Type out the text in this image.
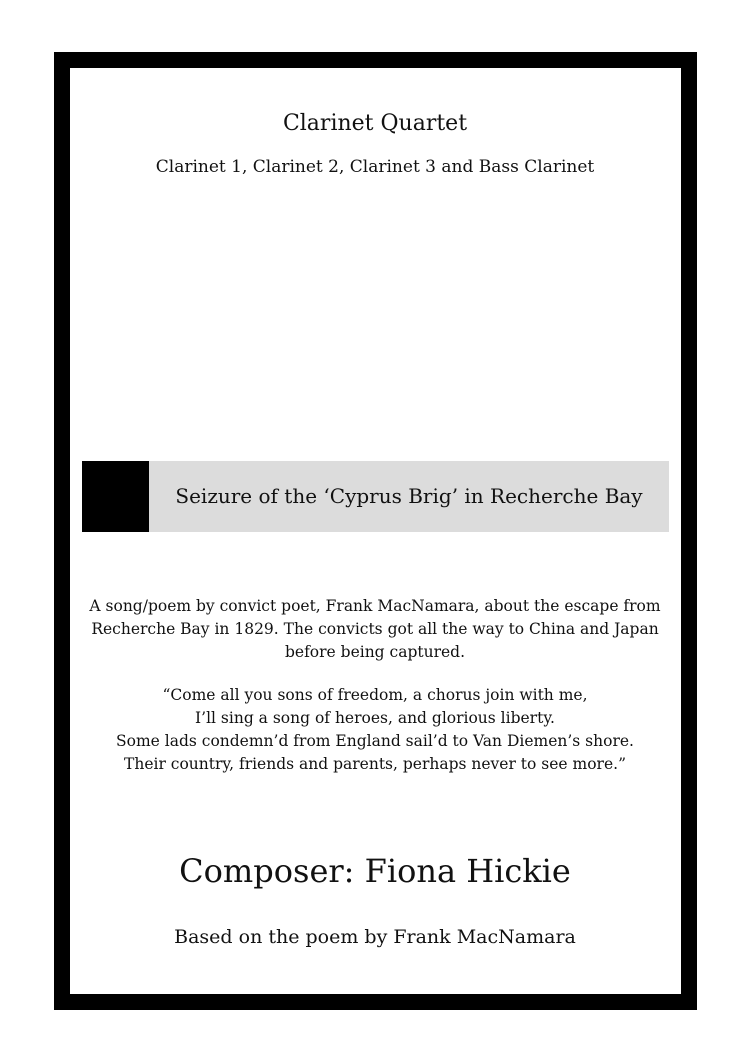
Clarinet Quartet

Clarinet 1, Clarinet 2, Clarinet 3 and Bass Clarinet

Seizure of the ‘Cyprus Brig’ in Recherche Bay

A song/poem by convict poet, Frank MacNamara, about the escape from Recherche Bay in 1829. The convicts got all the way to China and Japan before being captured.

“Come all you sons of freedom, a chorus join with me,
I’ll sing a song of heroes, and glorious liberty.
Some lads condemn’d from England sail’d to Van Diemen’s shore.
Their country, friends and parents, perhaps never to see more.”

Composer: Fiona Hickie

Based on the poem by Frank MacNamara
